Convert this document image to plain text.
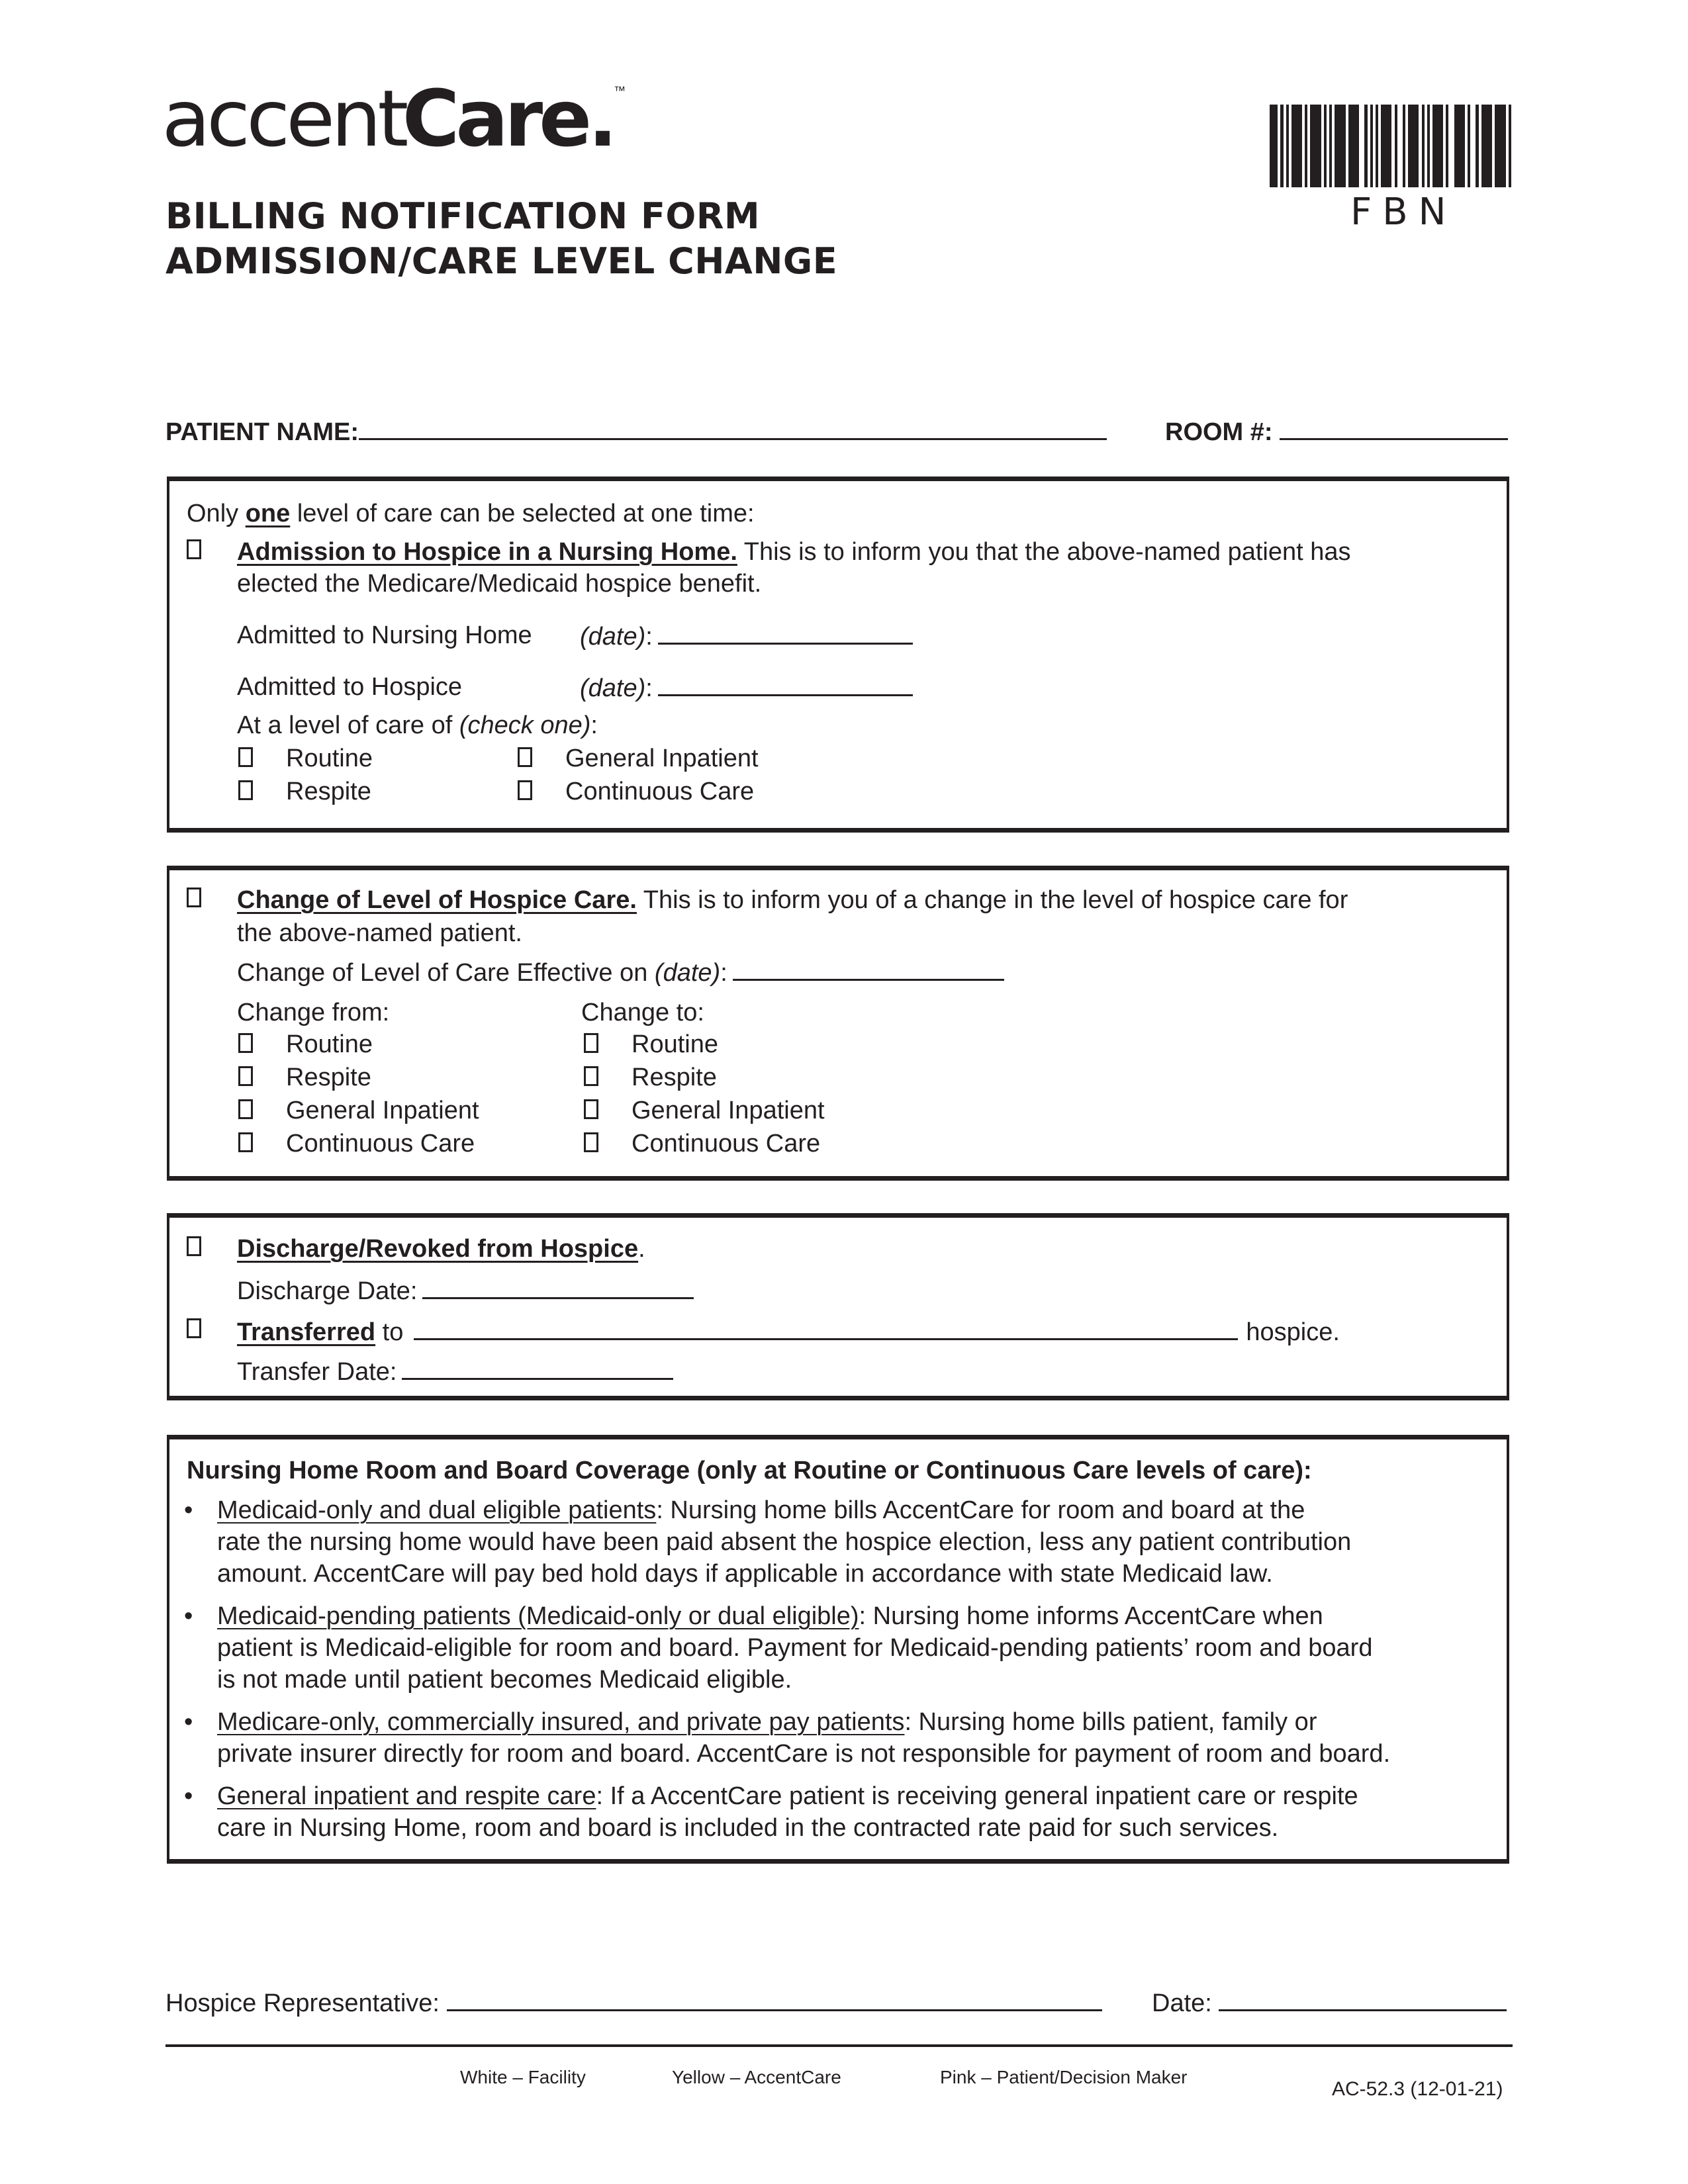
accentCare.™
FBN
BILLING NOTIFICATION FORM
ADMISSION/CARE LEVEL CHANGE
PATIENT NAME:	ROOM #:
Only one level of care can be selected at one time:
Admission to Hospice in a Nursing Home. This is to inform you that the above-named patient has
elected the Medicare/Medicaid hospice benefit.
Admitted to Nursing Home (date):
Admitted to Hospice	(date):
At a level of care of (check one):
Routine	General Inpatient
Respite	Continuous Care
Change of Level of Hospice Care. This is to inform you of a change in the level of hospice care for
the above-named patient.
Change of Level of Care Effective on (date):
Change from:	Change to:
Routine	Routine
Respite	Respite
General Inpatient	General Inpatient
Continuous Care	Continuous Care
Discharge/Revoked from Hospice.
Discharge Date:
Transferred to	hospice.
Transfer Date:
Nursing Home Room and Board Coverage (only at Routine or Continuous Care levels of care):
• Medicaid-only and dual eligible patients: Nursing home bills AccentCare for room and board at the
rate the nursing home would have been paid absent the hospice election, less any patient contribution
amount. AccentCare will pay bed hold days if applicable in accordance with state Medicaid law.
• Medicaid-pending patients (Medicaid-only or dual eligible): Nursing home informs AccentCare when
patient is Medicaid-eligible for room and board. Payment for Medicaid-pending patients’ room and board
is not made until patient becomes Medicaid eligible.
• Medicare-only, commercially insured, and private pay patients: Nursing home bills patient, family or
private insurer directly for room and board. AccentCare is not responsible for payment of room and board.
• General inpatient and respite care: If a AccentCare patient is receiving general inpatient care or respite
care in Nursing Home, room and board is included in the contracted rate paid for such services.
Hospice Representative:	Date:
White – Facility	Yellow – AccentCare	Pink – Patient/Decision Maker
AC-52.3 (12-01-21)
